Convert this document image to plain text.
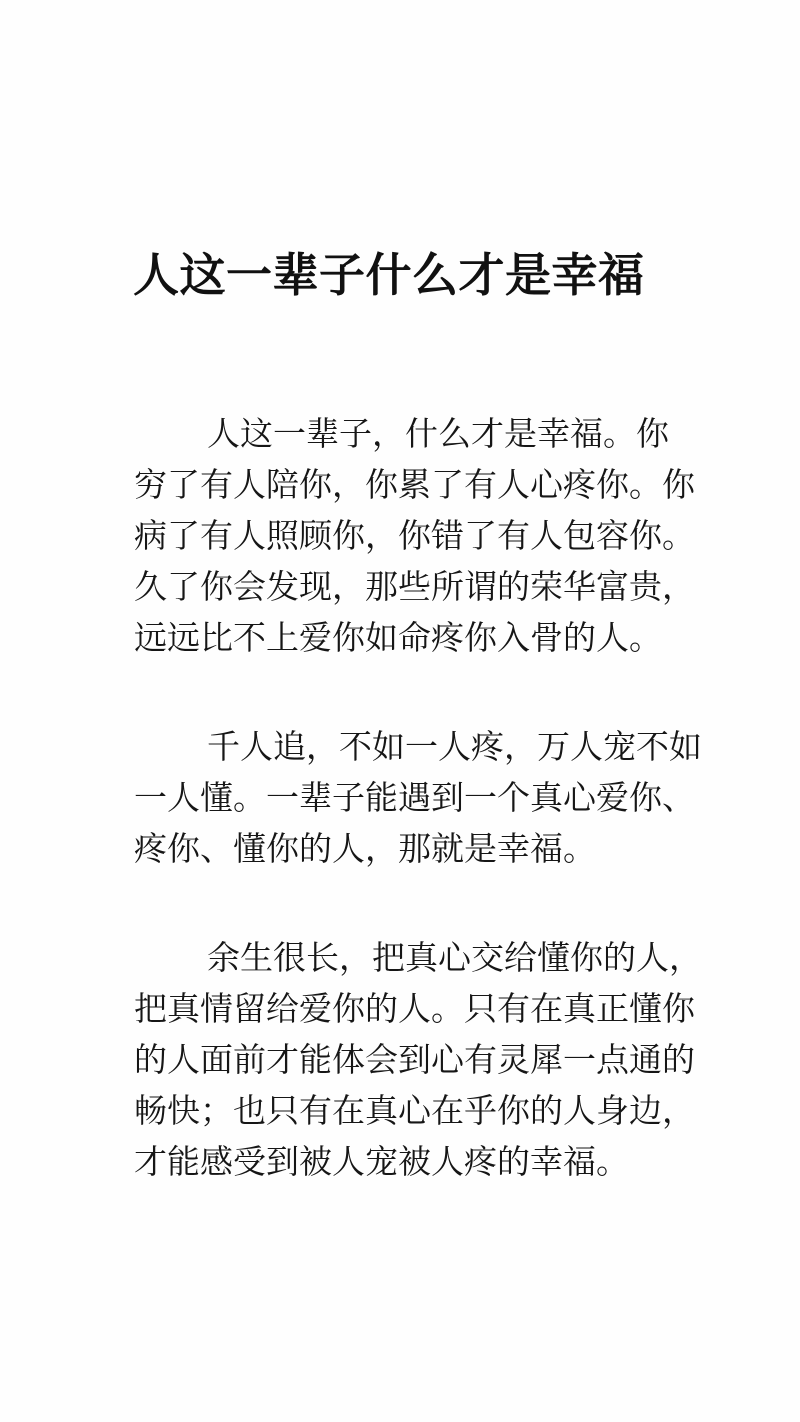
人这一辈子什么才是幸福

人这一辈子，什么才是幸福。你
穷了有人陪你，你累了有人心疼你。你
病了有人照顾你，你错了有人包容你。
久了你会发现，那些所谓的荣华富贵，
远远比不上爱你如命疼你入骨的人。

千人追，不如一人疼，万人宠不如
一人懂。一辈子能遇到一个真心爱你、
疼你、懂你的人，那就是幸福。

余生很长，把真心交给懂你的人，
把真情留给爱你的人。只有在真正懂你
的人面前才能体会到心有灵犀一点通的
畅快；也只有在真心在乎你的人身边，
才能感受到被人宠被人疼的幸福。
